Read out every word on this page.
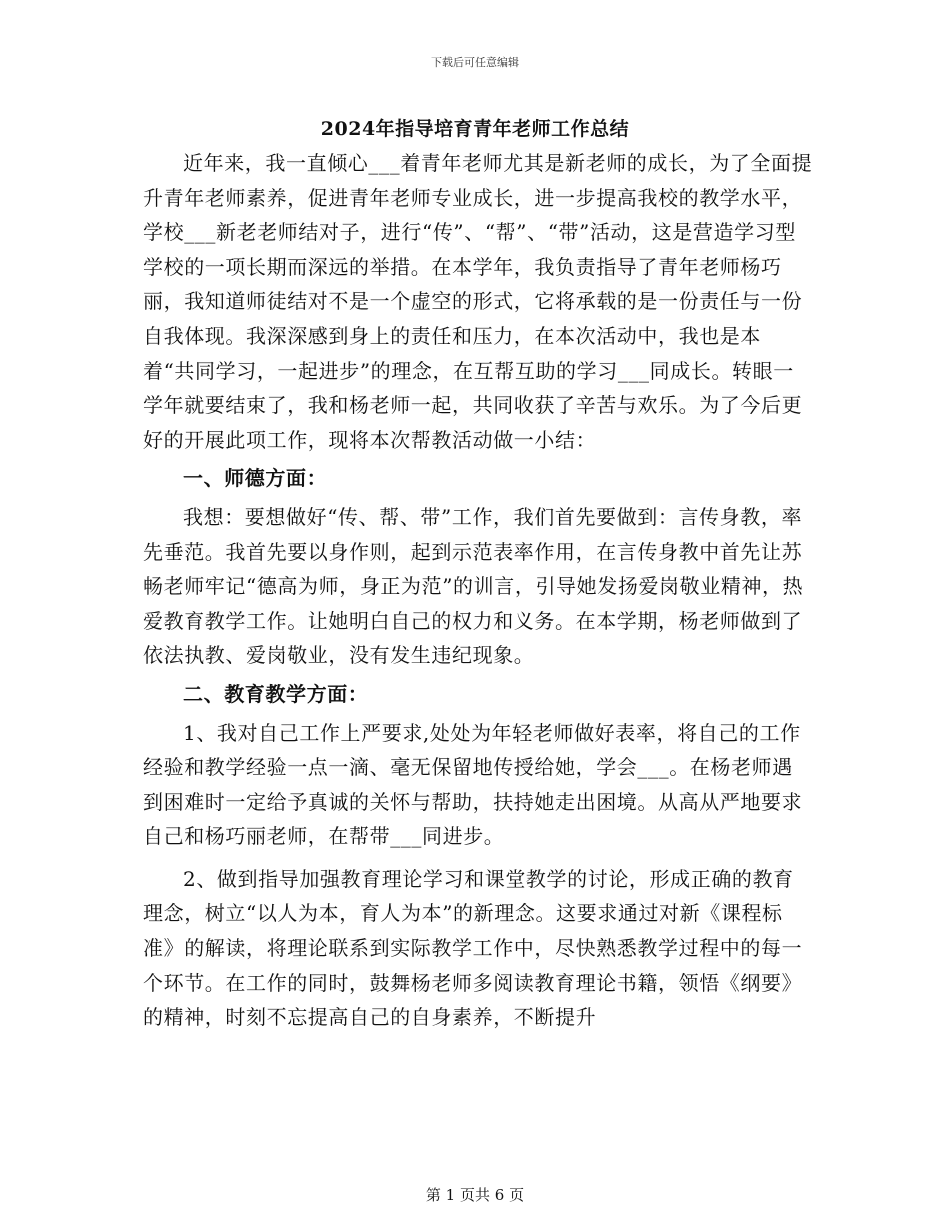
下载后可任意编辑
2024年指导培育青年老师工作总结

近年来，我一直倾心___着青年老师尤其是新老师的成长，为了全面提升青年老师素养，促进青年老师专业成长，进一步提高我校的教学水平，学校___新老老师结对子，进行“传”、“帮”、“带”活动，这是营造学习型学校的一项长期而深远的举措。在本学年，我负责指导了青年老师杨巧丽，我知道师徒结对不是一个虚空的形式，它将承载的是一份责任与一份自我体现。我深深感到身上的责任和压力，在本次活动中，我也是本着“共同学习，一起进步”的理念，在互帮互助的学习___同成长。转眼一学年就要结束了，我和杨老师一起，共同收获了辛苦与欢乐。为了今后更好的开展此项工作，现将本次帮教活动做一小结：

一、师德方面：

我想：要想做好“传、帮、带”工作，我们首先要做到：言传身教，率先垂范。我首先要以身作则，起到示范表率作用，在言传身教中首先让苏畅老师牢记“德高为师，身正为范”的训言，引导她发扬爱岗敬业精神，热爱教育教学工作。让她明白自己的权力和义务。在本学期，杨老师做到了依法执教、爱岗敬业，没有发生违纪现象。

二、教育教学方面：

1、我对自己工作上严要求,处处为年轻老师做好表率，将自己的工作经验和教学经验一点一滴、毫无保留地传授给她，学会___。在杨老师遇到困难时一定给予真诚的关怀与帮助，扶持她走出困境。从高从严地要求自己和杨巧丽老师，在帮带___同进步。

2、做到指导加强教育理论学习和课堂教学的讨论，形成正确的教育理念，树立“以人为本，育人为本”的新理念。这要求通过对新《课程标准》的解读，将理论联系到实际教学工作中，尽快熟悉教学过程中的每一个环节。在工作的同时，鼓舞杨老师多阅读教育理论书籍，领悟《纲要》的精神，时刻不忘提高自己的自身素养，不断提升

第 1 页共 6 页
